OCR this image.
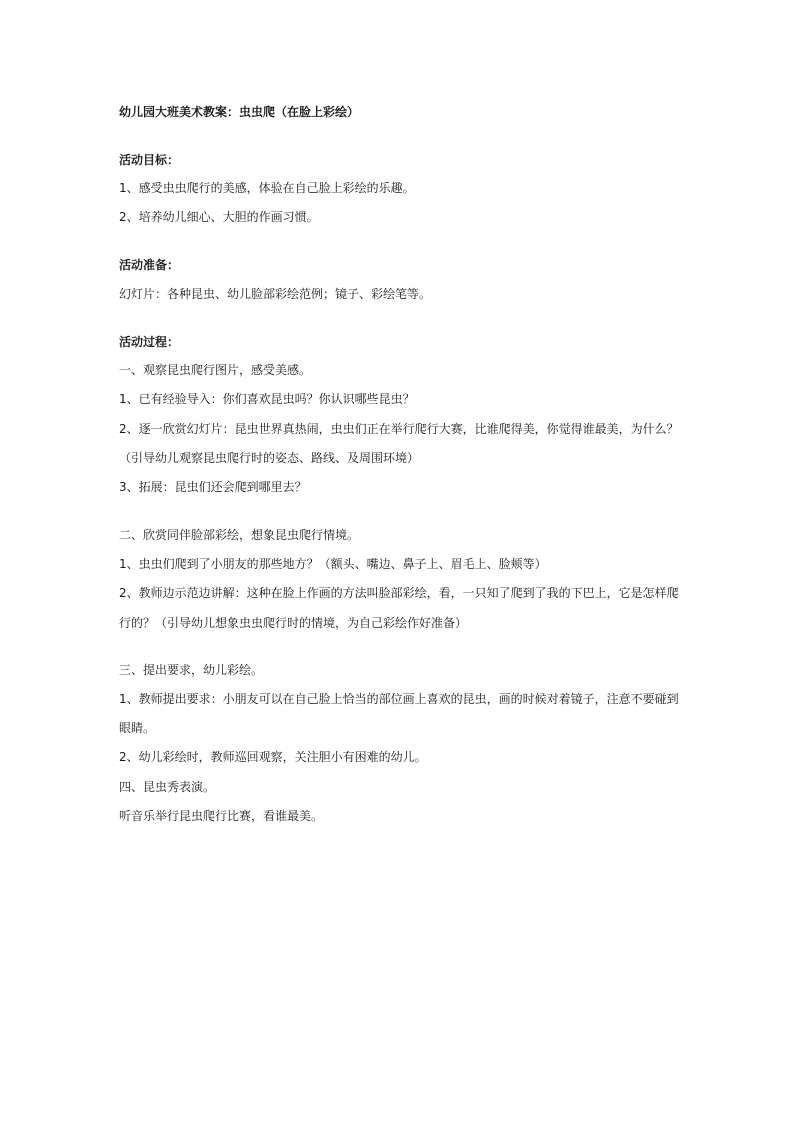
幼儿园大班美术教案：虫虫爬（在脸上彩绘）
活动目标：
1、感受虫虫爬行的美感，体验在自己脸上彩绘的乐趣。
2、培养幼儿细心、大胆的作画习惯。
活动准备：
幻灯片：各种昆虫、幼儿脸部彩绘范例；镜子、彩绘笔等。
活动过程：
一、观察昆虫爬行图片，感受美感。
1、已有经验导入：你们喜欢昆虫吗？你认识哪些昆虫？
2、逐一欣赏幻灯片：昆虫世界真热闹，虫虫们正在举行爬行大赛，比谁爬得美，你觉得谁最美，为什么？
（引导幼儿观察昆虫爬行时的姿态、路线、及周围环境）
3、拓展：昆虫们还会爬到哪里去？
二、欣赏同伴脸部彩绘，想象昆虫爬行情境。
1、虫虫们爬到了小朋友的那些地方？（额头、嘴边、鼻子上、眉毛上、脸颊等）
2、教师边示范边讲解：这种在脸上作画的方法叫脸部彩绘，看，一只知了爬到了我的下巴上，它是怎样爬
行的？（引导幼儿想象虫虫爬行时的情境，为自己彩绘作好准备）
三、提出要求，幼儿彩绘。
1、教师提出要求：小朋友可以在自己脸上恰当的部位画上喜欢的昆虫，画的时候对着镜子，注意不要碰到
眼睛。
2、幼儿彩绘时，教师巡回观察，关注胆小有困难的幼儿。
四、昆虫秀表演。
听音乐举行昆虫爬行比赛，看谁最美。
